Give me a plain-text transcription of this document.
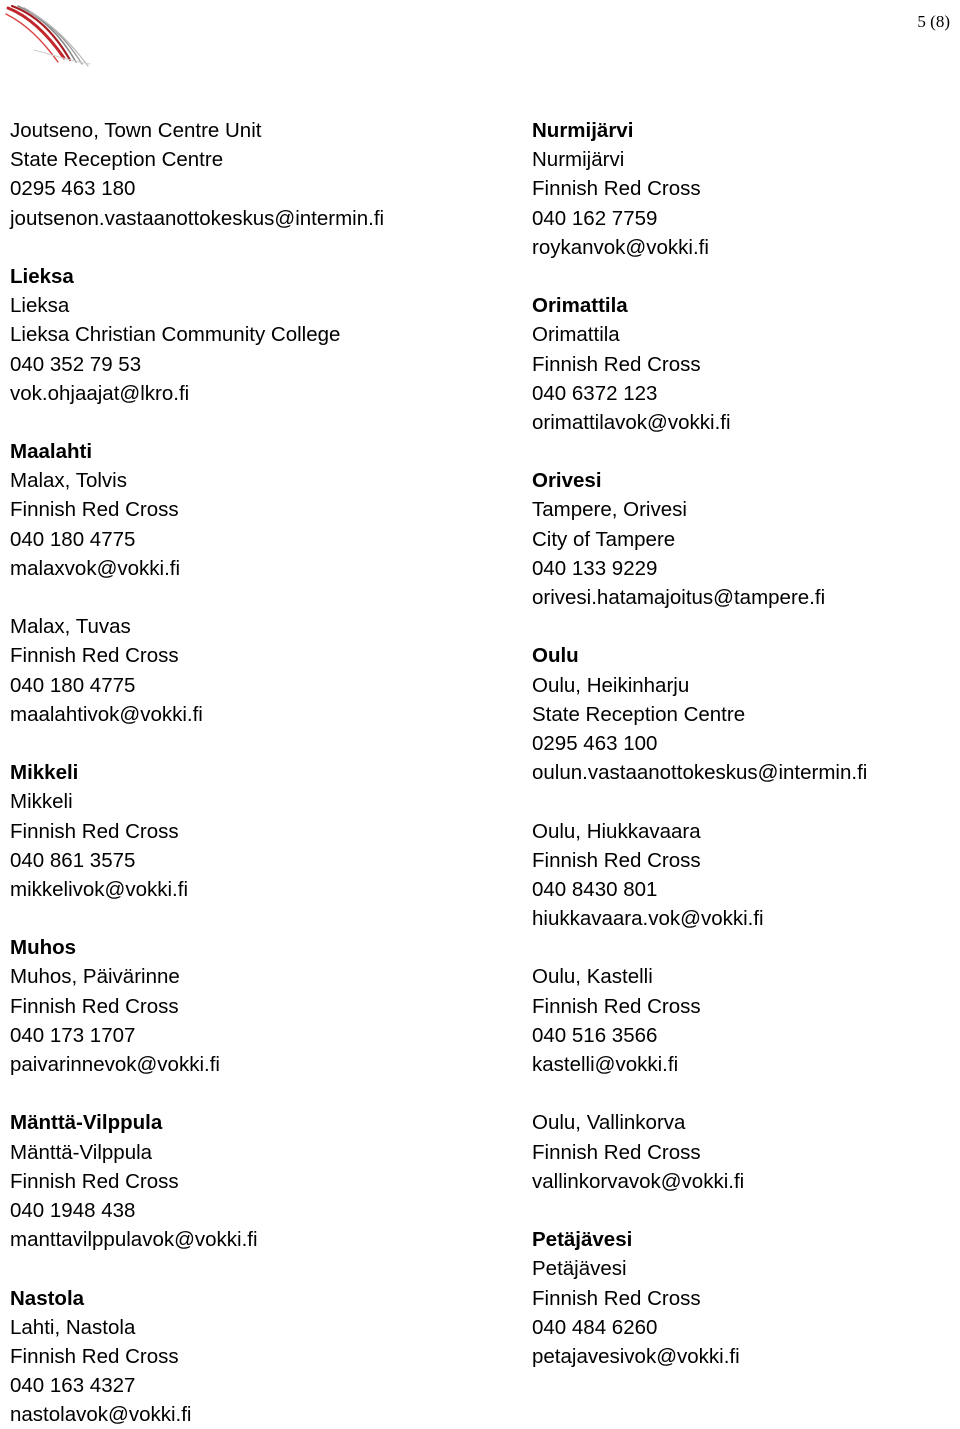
5 (8)
Joutseno, Town Centre Unit
State Reception Centre
0295 463 180
joutsenon.vastaanottokeskus@intermin.fi
Lieksa
Lieksa
Lieksa Christian Community College
040 352 79 53
vok.ohjaajat@lkro.fi
Maalahti
Malax, Tolvis
Finnish Red Cross
040 180 4775
malaxvok@vokki.fi
Malax, Tuvas
Finnish Red Cross
040 180 4775
maalahtivok@vokki.fi
Mikkeli
Mikkeli
Finnish Red Cross
040 861 3575
mikkelivok@vokki.fi
Muhos
Muhos, Päivärinne
Finnish Red Cross
040 173 1707
paivarinnevok@vokki.fi
Mänttä-Vilppula
Mänttä-Vilppula
Finnish Red Cross
040 1948 438
manttavilppulavok@vokki.fi
Nastola
Lahti, Nastola
Finnish Red Cross
040 163 4327
nastolavok@vokki.fi
Nurmijärvi
Nurmijärvi
Finnish Red Cross
040 162 7759
roykanvok@vokki.fi
Orimattila
Orimattila
Finnish Red Cross
040 6372 123
orimattilavok@vokki.fi
Orivesi
Tampere, Orivesi
City of Tampere
040 133 9229
orivesi.hatamajoitus@tampere.fi
Oulu
Oulu, Heikinharju
State Reception Centre
0295 463 100
oulun.vastaanottokeskus@intermin.fi
Oulu, Hiukkavaara
Finnish Red Cross
040 8430 801
hiukkavaara.vok@vokki.fi
Oulu, Kastelli
Finnish Red Cross
040 516 3566
kastelli@vokki.fi
Oulu, Vallinkorva
Finnish Red Cross
vallinkorvavok@vokki.fi
Petäjävesi
Petäjävesi
Finnish Red Cross
040 484 6260
petajavesivok@vokki.fi
